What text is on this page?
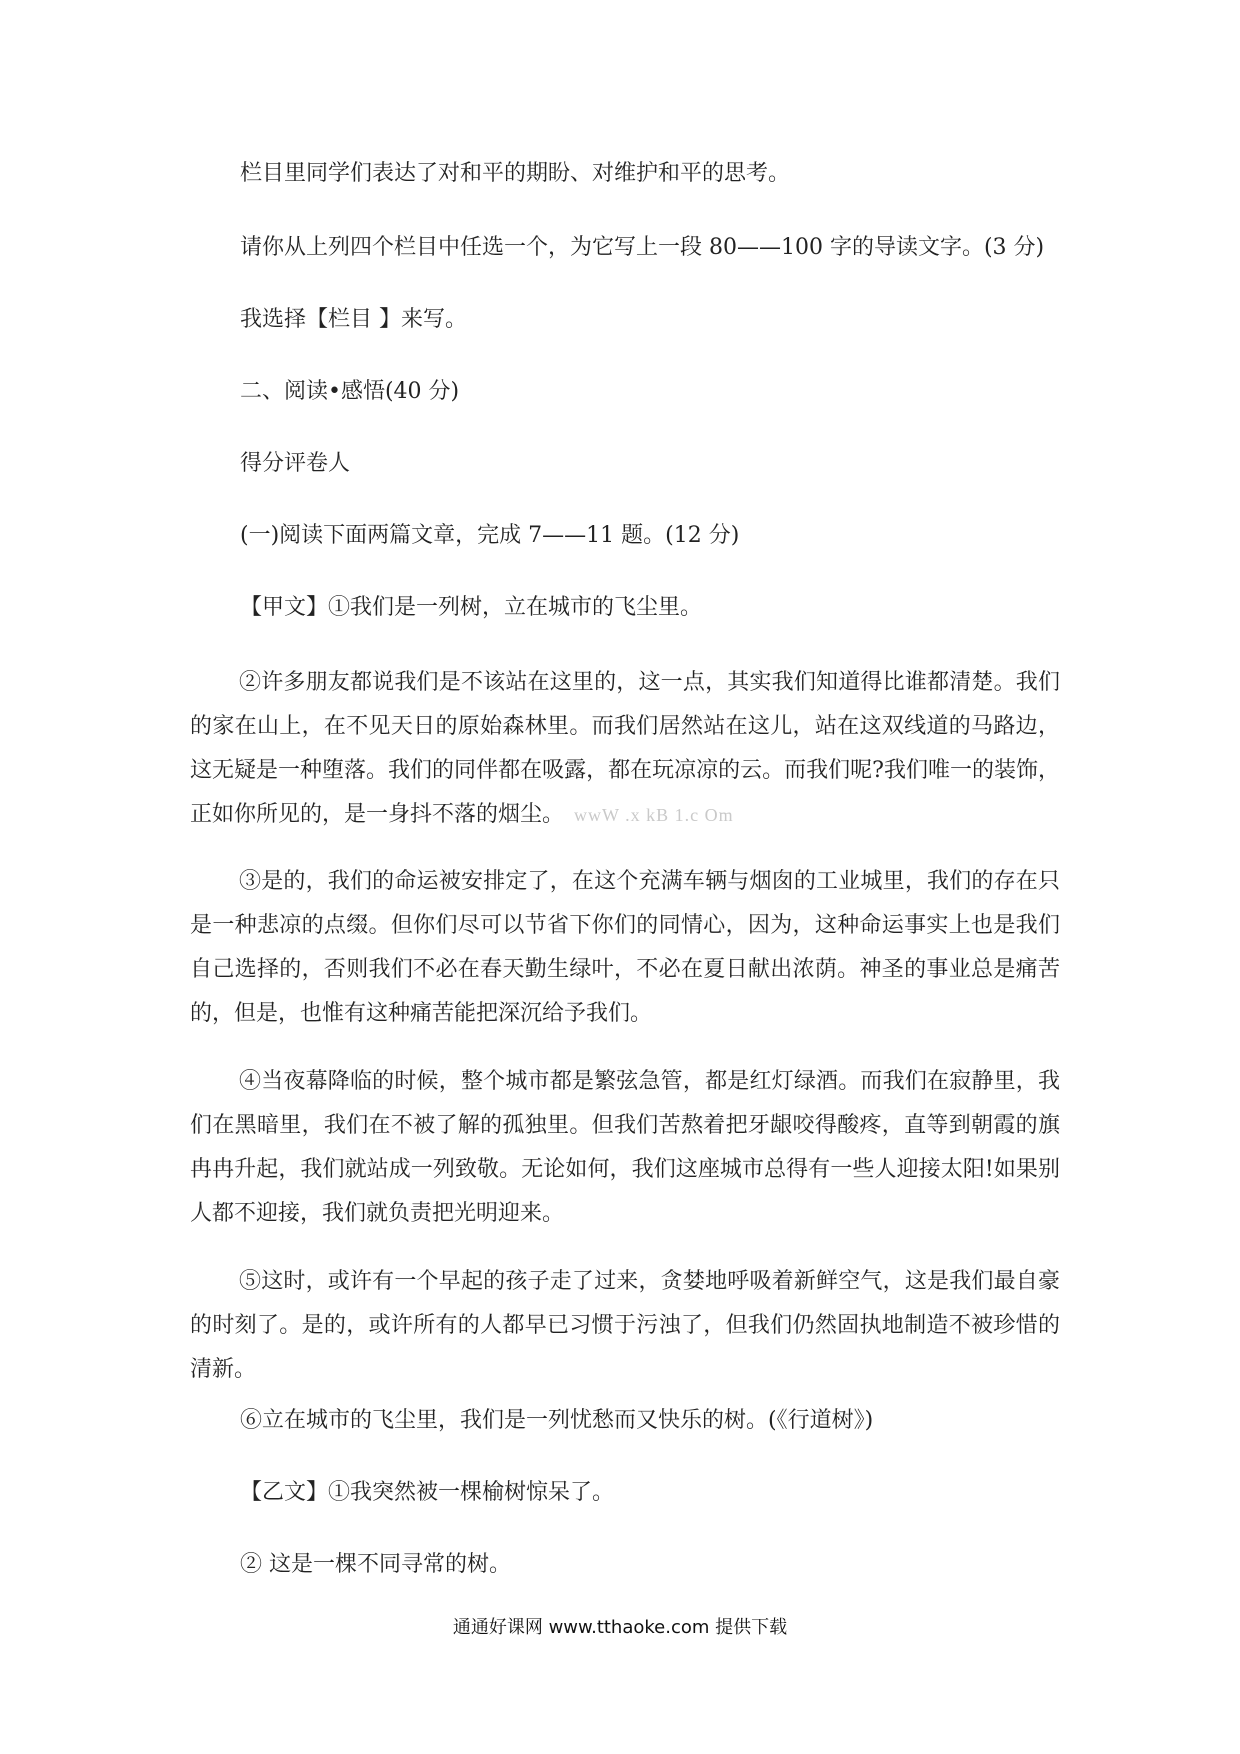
栏目里同学们表达了对和平的期盼、对维护和平的思考。
请你从上列四个栏目中任选一个，为它写上一段 80——100 字的导读文字。(3 分)
我选择【栏目 】来写。
二、阅读•感悟(40 分)
得分评卷人
(一)阅读下面两篇文章，完成 7——11 题。(12 分)
【甲文】①我们是一列树，立在城市的飞尘里。
②许多朋友都说我们是不该站在这里的，这一点，其实我们知道得比谁都清楚。我们的家在山上，在不见天日的原始森林里。而我们居然站在这儿，站在这双线道的马路边，这无疑是一种堕落。我们的同伴都在吸露，都在玩凉凉的云。而我们呢?我们唯一的装饰，正如你所见的，是一身抖不落的烟尘。 wwW .x kB 1.c Om
③是的，我们的命运被安排定了，在这个充满车辆与烟囱的工业城里，我们的存在只是一种悲凉的点缀。但你们尽可以节省下你们的同情心，因为，这种命运事实上也是我们自己选择的，否则我们不必在春天勤生绿叶，不必在夏日献出浓荫。神圣的事业总是痛苦的，但是，也惟有这种痛苦能把深沉给予我们。
④当夜幕降临的时候，整个城市都是繁弦急管，都是红灯绿酒。而我们在寂静里，我们在黑暗里，我们在不被了解的孤独里。但我们苦熬着把牙龈咬得酸疼，直等到朝霞的旗冉冉升起，我们就站成一列致敬。无论如何，我们这座城市总得有一些人迎接太阳!如果别人都不迎接，我们就负责把光明迎来。
⑤这时，或许有一个早起的孩子走了过来，贪婪地呼吸着新鲜空气，这是我们最自豪的时刻了。是的，或许所有的人都早已习惯于污浊了，但我们仍然固执地制造不被珍惜的清新。
⑥立在城市的飞尘里，我们是一列忧愁而又快乐的树。(《行道树》)
【乙文】①我突然被一棵榆树惊呆了。
② 这是一棵不同寻常的树。
通通好课网 www.tthaoke.com 提供下载
